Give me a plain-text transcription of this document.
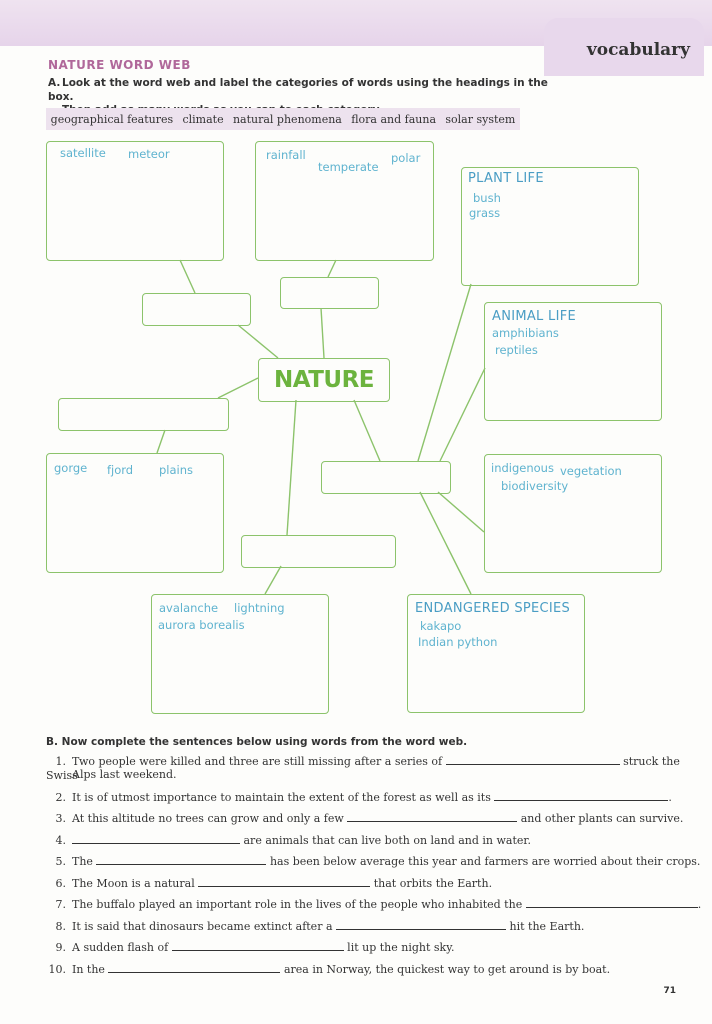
vocabulary
NATURE WORD WEB
A. Look at the word web and label the categories of words using the headings in the box.
geographical features climate natural phenomena flora and fauna solar system
satellite meteor	rainfall
temperate
polar
NATURE
PLANT LIFE
bush
grass
ANIMAL LIFE
amphibians
reptiles
gorge fjord plains	indigenous vegetation
biodiversity
avalanche lightning
aurora borealis
ENDANGERED SPECIES
kakapo
Indian python
B. Now complete the sentences below using words from the word web.
1. Two people were killed and three are still missing after a series of	struck the Swiss
Alps last weekend.
2. It is of utmost importance to maintain the extent of the forest as well as its	.
3. At this altitude no trees can grow and only a few	and other plants can survive.
4.	are animals that can live both on land and in water.
5. The	has been below average this year and farmers are worried about their crops.
6. The Moon is a natural	that orbits the Earth.
7. The buffalo played an important role in the lives of the people who inhabited the	.
8. It is said that dinosaurs became extinct after a	hit the Earth.
9. A sudden flash of	lit up the night sky.
10. In the	area in Norway, the quickest way to get around is by boat.
71
